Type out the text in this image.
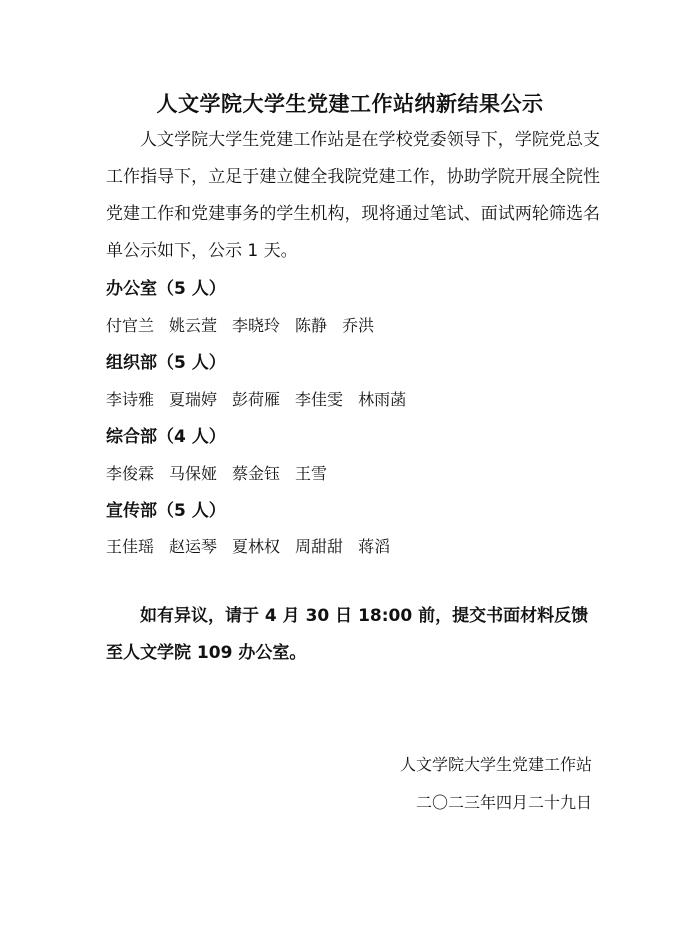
人文学院大学生党建工作站纳新结果公示

人文学院大学生党建工作站是在学校党委领导下，学院党总支工作指导下，立足于建立健全我院党建工作，协助学院开展全院性党建工作和党建事务的学生机构，现将通过笔试、面试两轮筛选名单公示如下，公示 1 天。

办公室（5 人）
付官兰 姚云萱 李晓玲 陈静 乔洪
组织部（5 人）
李诗雅 夏瑞婷 彭荷雁 李佳雯 林雨菡
综合部（4 人）
李俊霖 马保娅 蔡金钰 王雪
宣传部（5 人）
王佳瑶 赵运琴 夏林权 周甜甜 蒋滔

如有异议，请于 4 月 30 日 18:00 前，提交书面材料反馈至人文学院 109 办公室。

人文学院大学生党建工作站

二〇二三年四月二十九日
